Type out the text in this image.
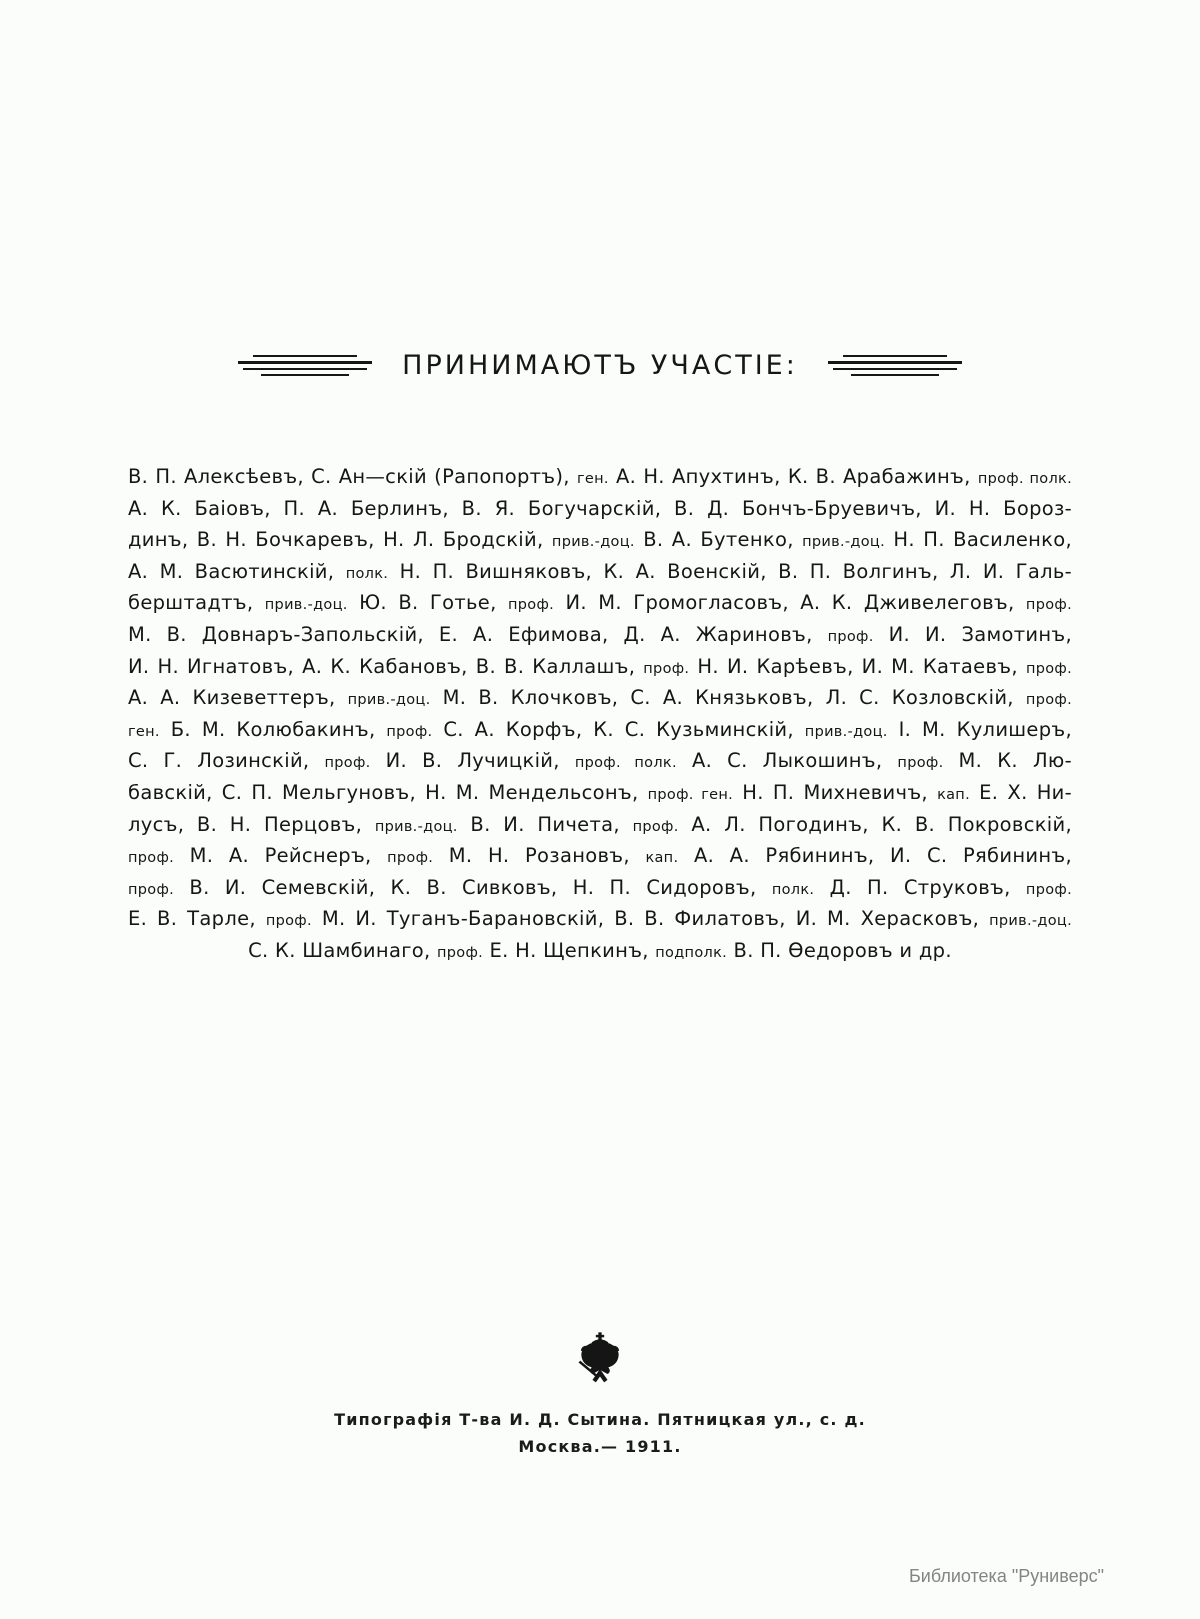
ПРИНИМАЮТЪ УЧАСТІЕ:
В. П. Алексѣевъ, С. Ан—скій (Рапопортъ), ген. А. Н. Апухтинъ, К. В. Арабажинъ, проф. полк.
А. К. Баіовъ, П. А. Берлинъ, В. Я. Богучарскій, В. Д. Бончъ-Бруевичъ, И. Н. Бороз-
динъ, В. Н. Бочкаревъ, Н. Л. Бродскій, прив.-доц. В. А. Бутенко, прив.-доц. Н. П. Василенко,
А. М. Васютинскій, полк. Н. П. Вишняковъ, К. А. Военскій, В. П. Волгинъ, Л. И. Галь-
берштадтъ, прив.-доц. Ю. В. Готье, проф. И. М. Громогласовъ, А. К. Дживелеговъ, проф.
М. В. Довнаръ-Запольскій, Е. А. Ефимова, Д. А. Жариновъ, проф. И. И. Замотинъ,
И. Н. Игнатовъ, А. К. Кабановъ, В. В. Каллашъ, проф. Н. И. Карѣевъ, И. М. Катаевъ, проф.
А. А. Кизеветтеръ, прив.-доц. М. В. Клочковъ, С. А. Князьковъ, Л. С. Козловскій, проф.
ген. Б. М. Колюбакинъ, проф. С. А. Корфъ, К. С. Кузьминскій, прив.-доц. І. М. Кулишеръ,
С. Г. Лозинскій, проф. И. В. Лучицкій, проф. полк. А. С. Лыкошинъ, проф. М. К. Лю-
бавскій, С. П. Мельгуновъ, Н. М. Мендельсонъ, проф. ген. Н. П. Михневичъ, кап. Е. Х. Ни-
лусъ, В. Н. Перцовъ, прив.-доц. В. И. Пичета, проф. А. Л. Погодинъ, К. В. Покровскій,
проф. М. А. Рейснеръ, проф. М. Н. Розановъ, кап. А. А. Рябининъ, И. С. Рябининъ,
проф. В. И. Семевскій, К. В. Сивковъ, Н. П. Сидоровъ, полк. Д. П. Струковъ, проф.
Е. В. Тарле, проф. М. И. Туганъ-Барановскій, В. В. Филатовъ, И. М. Херасковъ, прив.-доц.
С. К. Шамбинаго, проф. Е. Н. Щепкинъ, подполк. В. П. Ѳедоровъ и др.
Типографія Т-ва И. Д. Сытина. Пятницкая ул., с. д.
Москва.— 1911.
Библиотека "Руниверс"
